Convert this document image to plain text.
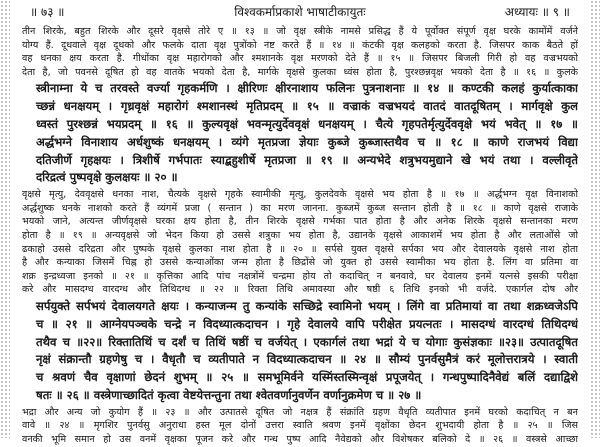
विश्वकर्माप्रकाशे भाषाटीकायुतः
॥ ७३ ॥	अध्यायः ॥ ९ ॥
तीन शिरके, बहुत शिरके और दूसरे वृक्षसे तोरे ए ॥ १३ ॥ जो वृक्ष स्त्रीके नामसे प्रसिद्ध हैं ये पूर्वोक्त संपूर्ण वृक्ष घरके कामोंमें वर्जने
योग्य हैं. दूधवाले वृक्ष दूधको और फलके दाता वृक्ष पुत्रोंको नष्ट करते हैं ॥ १४ ॥ कंटकी वृक्ष कलहको करता है. जिसपर काक बैठते हों
वह धनका क्षय करता है. गीधोंका वृक्ष महारोगको और श्मशानके वृक्ष मरणको देते हैं ॥ १५ ॥ जिसपर बिजली गिरी हो वह वज्रभयको
देता है, जो पवनसे दूषित हो वह वातके भयको देता है, मार्गके वृक्षसे कुलका ध्वंस होता है, पुरश्छन्नवृक्ष भयको देता है ॥ १६ ॥ कुलके
स्त्रीनाम्ना ये च तरवस्ते वर्ज्या गृहकर्मणि । क्षीरिणः क्षीरनाशाय फलिनः पुत्रनाशनाः ॥ १४ ॥ कण्टकी कलहं कुर्यात्काका
च्छन्नं धनक्षयम् । गृध्रवृक्षं महारोगं श्मशानस्थं मृतिप्रदम् ॥ १५ ॥ वज्राकं वज्रभयदं वातदं वातदूषितम् । मार्गवृक्षे कुल
ध्वस्तं पुरश्छन्नं भयप्रदम् ॥ १६ ॥ कुल्यवृक्षं भवन्मृत्युर्देववृक्षं धनक्षयम् । चैत्ये गृहपतेर्मृत्युर्देववृक्षे भयं भवेत् ॥ १७ ॥
अर्द्धभग्ने विनाशाय अर्धशुष्कं धनक्षयम् । व्यंगे मृतप्रजा ज्ञेयाः कुब्जे कुब्जास्तथैव च ॥ १८ ॥ काणे राजभयं विद्या
दतिजीर्णे गृहक्षयः । त्रिशीर्षे गर्भपातः स्याद्बहुशीर्षे मृतप्रजा ॥ १९ ॥ अन्यभेदे शत्रुभयमुद्याने खे भयं तथा । वल्लीवृते
दरिद्रत्वं पुष्पवृक्षे कुलक्षयः ॥ २० ॥
वृक्षसे मृत्यु, देववृक्षसे धनका नाश, चैत्यके वृक्षसे गृहके स्वामीकी मृत्यु, कुलदेवके वृक्षसे भय होता है ॥ १७ ॥ अर्द्धभग्न वृक्ष विनाशको
अर्द्धशुष्क धनके नाशको करते हैं व्यंगमें प्रजा ( सन्तान ) का मरण जानना. कुब्जमें कुब्ज सन्तान होती है ॥ १८ ॥ काणे वृक्षसे राजाके
भयको जाने, अत्यन्त जीर्णवृक्षसे घरका क्षय होता है, तीन शिरके वृक्षसे गर्भका पात होता है और अनेक शिरके वृक्षसे सन्तानका मरण
होता है ॥ १९ ॥ अन्यवृक्षसे जो भेदन किया हो उससे शत्रुका भय होता है, उद्यानके वृक्षसे आकाशमें भय होता है और लताओंसे जो
ढकाहो उससे दरिद्रता और पुष्पके वृक्षसे कुलका नाश होता है ॥ २० ॥ सर्पसे युक्त वृक्षसे सर्पका भय और देवालयके वृक्षसे नाश होता
है और कन्याका जिसमें चिह्न हो उससे कन्याओंका जन्म होता है छिद्रोंसे जो युक्त हो उससे स्वामीका भय होता है. लिंग वा प्रतिमा वा
शक्र इन्द्रध्वजा इनको ॥ २१ ॥ कृत्तिका आदि पांच नक्षत्रोंमें चन्द्रमा होय तो कदाचित् न बनवावे, घर देवालय इनमें यत्नसे इसकी परीक्षा
करे और मासदग्ध वारदग्ध और तिथिदग्ध ॥ २२ ॥ रिक्ता तिथि अमावस्या और षष्ठी ६ तिथि इनको भी वर्जदे. एकार्गल दोष और
सर्पयुक्ते सर्पभयं देवालयगते क्षयः । कन्याजन्म तु कन्यांके सच्छिद्रे स्वामिनो भयम् । लिंगे वा प्रतिमायां वा तथा शक्रध्वजेऽपि
च ॥ २१ ॥ आग्नेयपञ्चके चन्द्रे न विदध्यात्कदाचन । गृहे देवालये वापि परीक्षेत प्रयत्नतः । मासदग्धं वारदग्धं तिथिदग्धं
तथैव च ॥२२॥ रिक्तातिथिं च दर्शं च तिथिं षष्ठीं च वर्जयेत् । एकार्गलं तथा भद्रां ये च योगाः कुसंज्ञकाः ॥२३॥ उत्पातदूषित
नृक्षं संक्रान्तौ ग्रहणेषु च । वैधृतौ च व्यतीपाते न विदध्यात्कदाचन ॥ २४ ॥ सौम्यं पुनर्वसुमैत्रं करं मूलोत्तरात्रये । स्वाती
च श्रवणं चैव वृक्षाणां छेदनं शुभम् ॥ २५ ॥ समभूमिर्वने यस्मिंस्तस्मिन्वृक्षं प्रपूजयेत् । गन्धपुष्पादिनैवेद्यं बलिं दद्याद्विशे
षतः ॥ २६ ॥ वस्त्रेणाच्छादितं कृत्वा वेष्टयेत्तन्तुना तथा श्वेतवर्णानुवर्णेन वर्णानुक्रमेण च ॥ २७ ॥
भद्रा और अन्य जो कुयोग हैं ॥ २३ ॥ और उत्पातसे दूषित जो नक्षत्र हैं संक्रांति ग्रहण वैधृति व्यतीपात इनमें घरको कदाचित् न बन
वावे ॥ २४ ॥ मृगशिर पुनर्वसु अनुराधा हस्त मूल दोनों उत्तरा स्वाति श्रवण इनमें वृक्षोंका छेदन शुभदायी होता है ॥ २५ ॥ जिस
वनकी भूमि समान हो उस वनमें वृक्षका पूजन करे और गन्ध पुष्प आदि नैवेद्यको और विशेषकर बलिको दे ॥ २६ ॥ वस्त्रसे आच्छा
